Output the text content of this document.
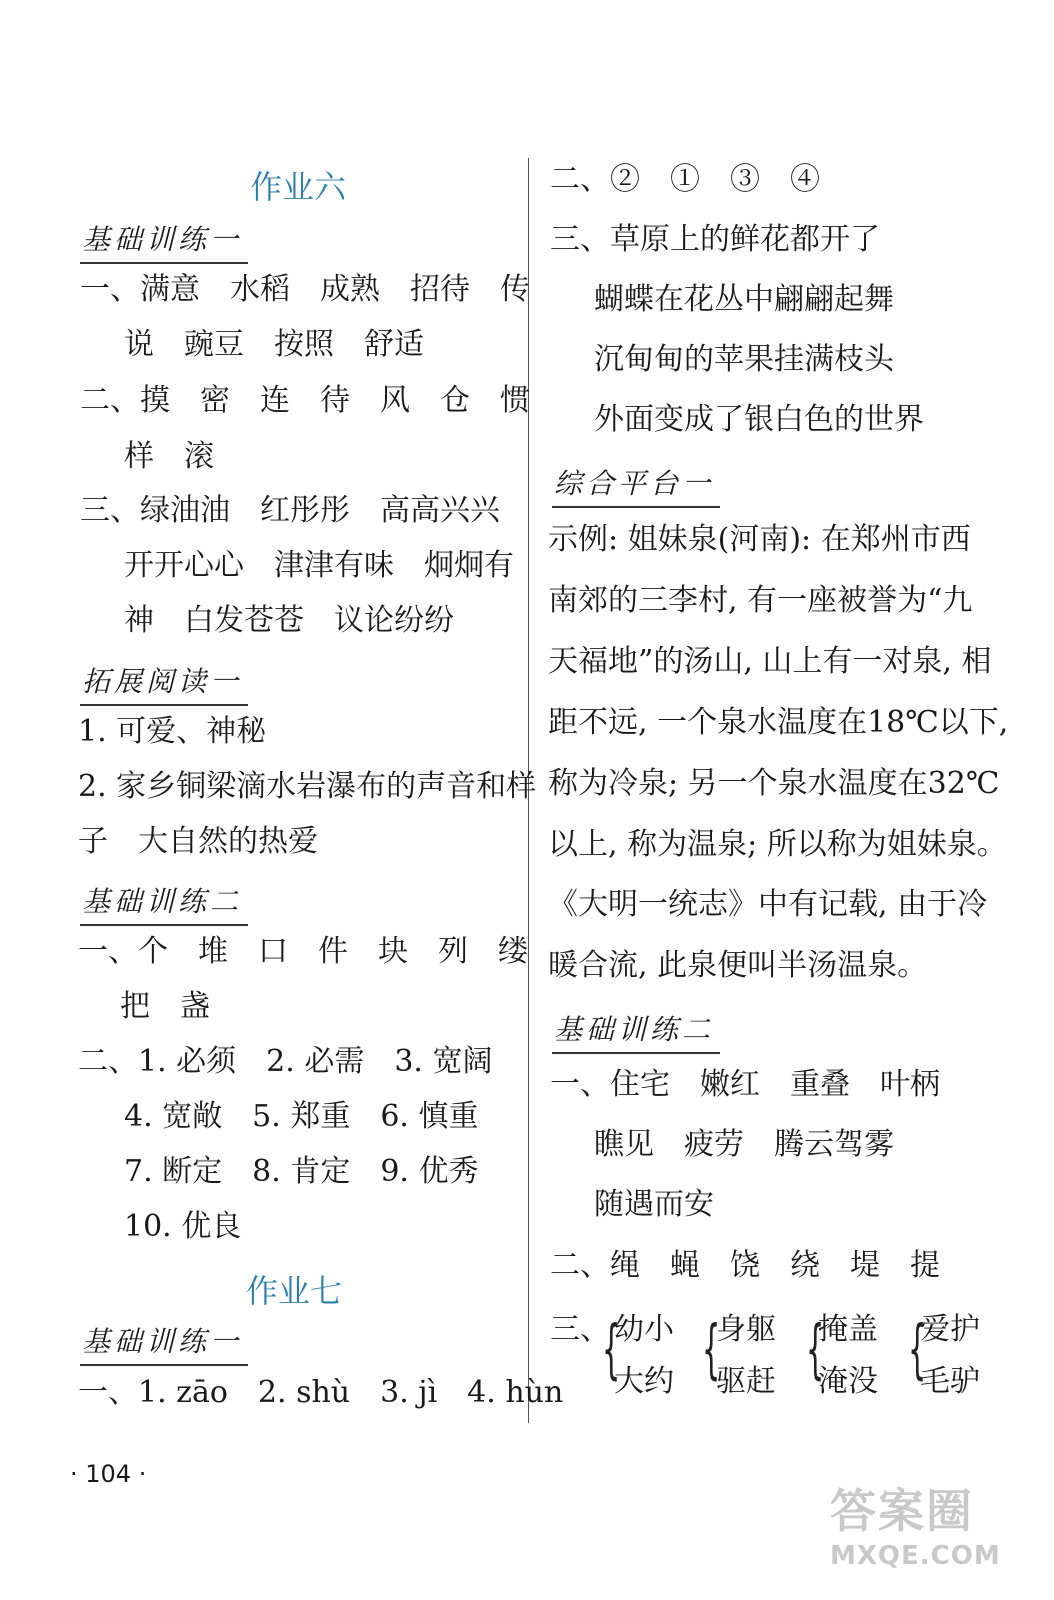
作业六
基础训练一
一、满意　水稻　成熟　招待　传
说　豌豆　按照　舒适
二、摸　密　连　待　风　仓　惯
样　滚
三、绿油油　红彤彤　高高兴兴
开开心心　津津有味　炯炯有
神　白发苍苍　议论纷纷
拓展阅读一
1. 可爱、神秘
2. 家乡铜梁滴水岩瀑布的声音和样
子　大自然的热爱
基础训练二
一、个　堆　口　件　块　列　缕
把　盏
二、1. 必须　2. 必需　3. 宽阔
4. 宽敞　5. 郑重　6. 慎重
7. 断定　8. 肯定　9. 优秀
10. 优良
作业七
基础训练一
一、1. zāo　2. shù　3. jì　4. hùn
二、②　①　③　④
三、草原上的鲜花都开了
蝴蝶在花丛中翩翩起舞
沉甸甸的苹果挂满枝头
外面变成了银白色的世界
综合平台一
示例: 姐妹泉(河南): 在郑州市西
南郊的三李村, 有一座被誉为“九
天福地”的汤山, 山上有一对泉, 相
距不远, 一个泉水温度在18℃以下,
称为冷泉; 另一个泉水温度在32℃
以上, 称为温泉; 所以称为姐妹泉。
《大明一统志》中有记载, 由于冷
暖合流, 此泉便叫半汤温泉。
基础训练二
一、住宅　嫩红　重叠　叶柄
瞧见　疲劳　腾云驾雾
随遇而安
二、绳　蝇　饶　绕　堤　提
三、
{
幼小
大约 {
身躯
驱赶 {
掩盖
淹没 {
爱护
毛驴
· 104 ·
答案圈
MXQE.COM
